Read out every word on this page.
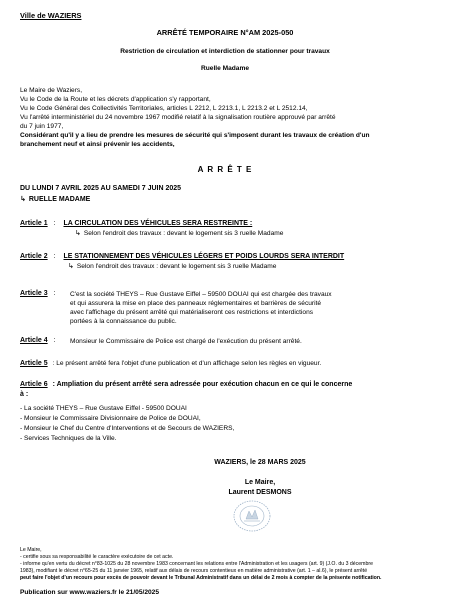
Ville de WAZIERS
ARRÊTÉ TEMPORAIRE N°AM 2025-050
Restriction de circulation et interdiction de stationner pour travaux
Ruelle Madame
Le Maire de Waziers,
Vu le Code de la Route et les décrets d'application s'y rapportant,
Vu le Code Général des Collectivités Territoriales, articles L 2212, L 2213.1, L 2213.2 et L 2512.14,
Vu l'arrêté interministériel du 24 novembre 1967 modifié relatif à la signalisation routière approuvé par arrêté
du 7 juin 1977,
Considérant qu'il y a lieu de prendre les mesures de sécurité qui s'imposent durant les travaux de création d'un
branchement neuf et ainsi prévenir les accidents,
A R R Ê T E
DU LUNDI 7 AVRIL 2025 AU SAMEDI 7 JUIN 2025
↳ RUELLE MADAME
Article 1 : LA CIRCULATION DES VÉHICULES SERA RESTREINTE :
↳ Selon l'endroit des travaux : devant le logement sis 3 ruelle Madame
Article 2 : LE STATIONNEMENT DES VÉHICULES LÉGERS ET POIDS LOURDS SERA INTERDIT
↳ Selon l'endroit des travaux : devant le logement sis 3 ruelle Madame
Article 3 : C'est la société THEYS – Rue Gustave Eiffel – 59500 DOUAI qui est chargée des travaux
et qui assurera la mise en place des panneaux réglementaires et barrières de sécurité
avec l'affichage du présent arrêté qui matérialiseront ces restrictions et interdictions
portées à la connaissance du public.
Article 4 :	Monsieur le Commissaire de Police est chargé de l'exécution du présent arrêté.
Article 5 : Le présent arrêté fera l'objet d'une publication et d'un affichage selon les règles en vigueur.
Article 6 : Ampliation du présent arrêté sera adressée pour exécution chacun en ce qui le concerne
à :
- La société THEYS – Rue Gustave Eiffel - 59500 DOUAI
- Monsieur le Commissaire Divisionnaire de Police de DOUAI,
- Monsieur le Chef du Centre d'Interventions et de Secours de WAZIERS,
- Services Techniques de la Ville.
WAZIERS, le 28 MARS 2025
Le Maire,
Laurent DESMONS
Le Maire,
- certifie sous sa responsabilité le caractère exécutoire de cet acte.
- informe qu'en vertu du décret n°83-1025 du 28 novembre 1983 concernant les relations entre l'Administration et les usagers (art. 9) (J.O. du 3 décembre
1983), modifiant le décret n°65-25 du 11 janvier 1965, relatif aux délais de recours contentieux en matière administrative (art. 1 – al.6), le présent arrêté
peut faire l'objet d'un recours pour excès de pouvoir devant le Tribunal Administratif dans un délai de 2 mois à compter de la présente notification.
Publication sur www.waziers.fr le 21/05/2025
